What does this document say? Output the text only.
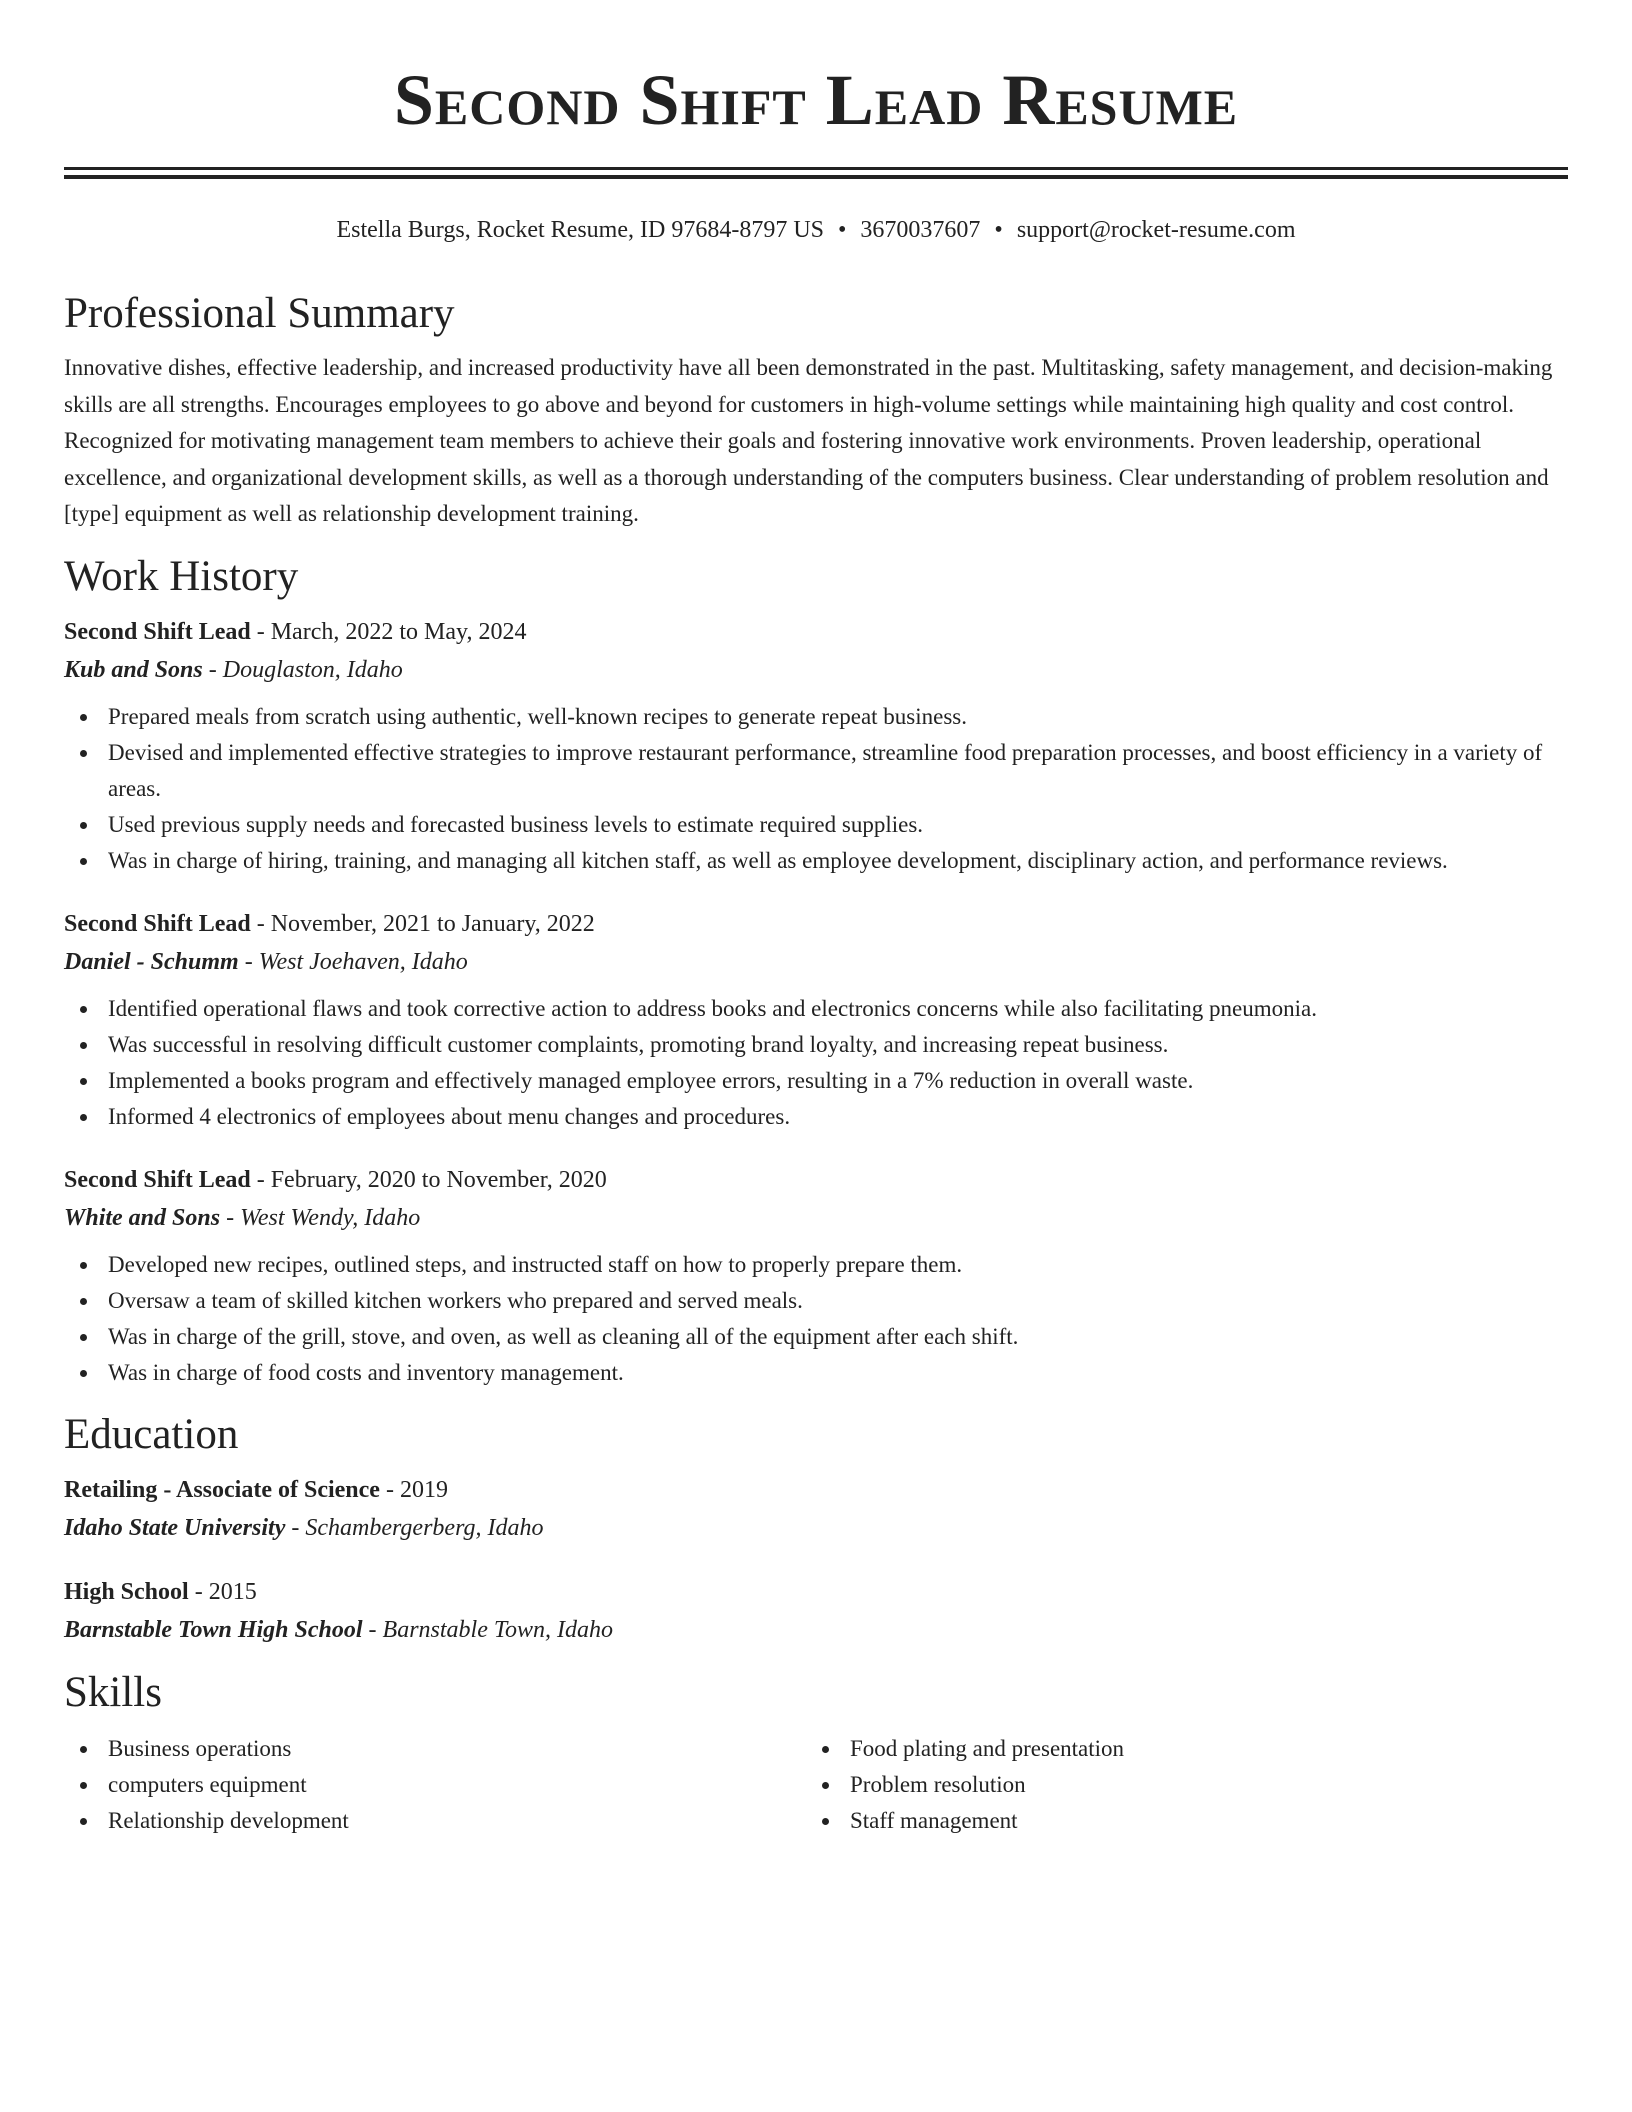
Second Shift Lead Resume
Estella Burgs, Rocket Resume, ID 97684-8797 US • 3670037607 • support@rocket-resume.com
Professional Summary

Innovative dishes, effective leadership, and increased productivity have all been demonstrated in the past. Multitasking, safety management, and decision-making skills are all strengths. Encourages employees to go above and beyond for customers in high-volume settings while maintaining high quality and cost control. Recognized for motivating management team members to achieve their goals and fostering innovative work environments. Proven leadership, operational excellence, and organizational development skills, as well as a thorough understanding of the computers business. Clear understanding of problem resolution and [type] equipment as well as relationship development training.

Work History
Second Shift Lead - March, 2022 to May, 2024
Kub and Sons - Douglaston, Idaho
Prepared meals from scratch using authentic, well-known recipes to generate repeat business.
Devised and implemented effective strategies to improve restaurant performance, streamline food preparation processes, and boost efficiency in a variety of areas.
Used previous supply needs and forecasted business levels to estimate required supplies.
Was in charge of hiring, training, and managing all kitchen staff, as well as employee development, disciplinary action, and performance reviews.
Second Shift Lead - November, 2021 to January, 2022
Daniel - Schumm - West Joehaven, Idaho
Identified operational flaws and took corrective action to address books and electronics concerns while also facilitating pneumonia.
Was successful in resolving difficult customer complaints, promoting brand loyalty, and increasing repeat business.
Implemented a books program and effectively managed employee errors, resulting in a 7% reduction in overall waste.
Informed 4 electronics of employees about menu changes and procedures.
Second Shift Lead - February, 2020 to November, 2020
White and Sons - West Wendy, Idaho
Developed new recipes, outlined steps, and instructed staff on how to properly prepare them.
Oversaw a team of skilled kitchen workers who prepared and served meals.
Was in charge of the grill, stove, and oven, as well as cleaning all of the equipment after each shift.
Was in charge of food costs and inventory management.
Education
Retailing - Associate of Science - 2019
Idaho State University - Schambergerberg, Idaho
High School - 2015
Barnstable Town High School - Barnstable Town, Idaho
Skills
Business operations
computers equipment
Relationship development
Food plating and presentation
Problem resolution
Staff management
